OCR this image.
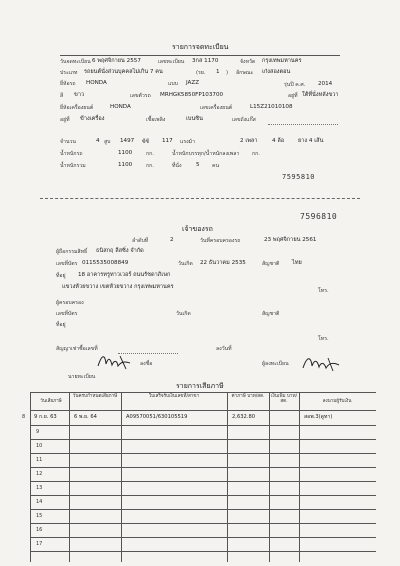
รายการจดทะเบียน
วันจดทะเบียน 6 พฤศจิกายน 2557	เลขทะเบียน 3กส 1170	จังหวัด กรุงเทพมหานคร
ประเภท รถยนต์นั่งส่วนบุคคลไม่เกิน 7 คน	(รย. 1 ) ลักษณะ เก๋งสองตอน
ยี่ห้อรถ HONDA	แบบ JAZZ	รุ่นปี ค.ศ. 2014
สี ขาว	เลขตัวรถ MRHGK5850FP103700	อยู่ที่ ใต้ที่นั่งหลังขวา
ยี่ห้อเครื่องยนต์	HONDA	เลขเครื่องยนต์	L15Z21010108
อยู่ที่ ข้างเครื่อง	เชื้อเพลิง	เบนซิน	เลขถังแก๊ส
จำนวน	4 สูบ 1497 ซีซี 117 แรงม้า	2 เพลา	4 ล้อ ยาง 4 เส้น
น้ำหนักรถ	1100	กก.	น้ำหนักบรรทุก/น้ำหนักลงเพลา กก.
น้ำหนักรวม	1100	กก.	ที่นั่ง	5 คน
7595810
7596810
เจ้าของรถ
ลำดับที่	2	วันที่ครอบครองรถ	23 พฤศจิกายน 2561
ผู้ถือกรรมสิทธิ์ ธนิสกฤ ลีสซิ่ง จำกัด
เลขที่บัตร 0115535008849	วันเกิด 22 ธันวาคม 2535	สัญชาติ ไทย
ที่อยู่ 18 อาคารทรูทาวเวอร์ ถนนรัชดาภิเษก
แขวงห้วยขวาง เขตห้วยขวาง กรุงเทพมหานคร
โทร.
ผู้ครอบครอง
เลขที่บัตร	วันเกิด	สัญชาติ
ที่อยู่
โทร.
สัญญาเช่าซื้อเลขที่	ลงวันที่
ลงชื่อ
นายทะเบียน
ผู้ลงทะเบียน
รายการเสียภาษี
วันเสียภาษี
วันครบกำหนดเสียภาษี	ใบเสร็จรับเงินเลขที่/สาขา	ค่าภาษี บาท/สต.	เงินเพิ่ม บาท/สต.	ลงนามผู้รับเงิน
8 9 ก.ย. 63	6 พ.ย. 64	A09570051/630105519	2,632.80	สอพ.3(ดูทา)
9
10
11
12
13
14
15
16
17
